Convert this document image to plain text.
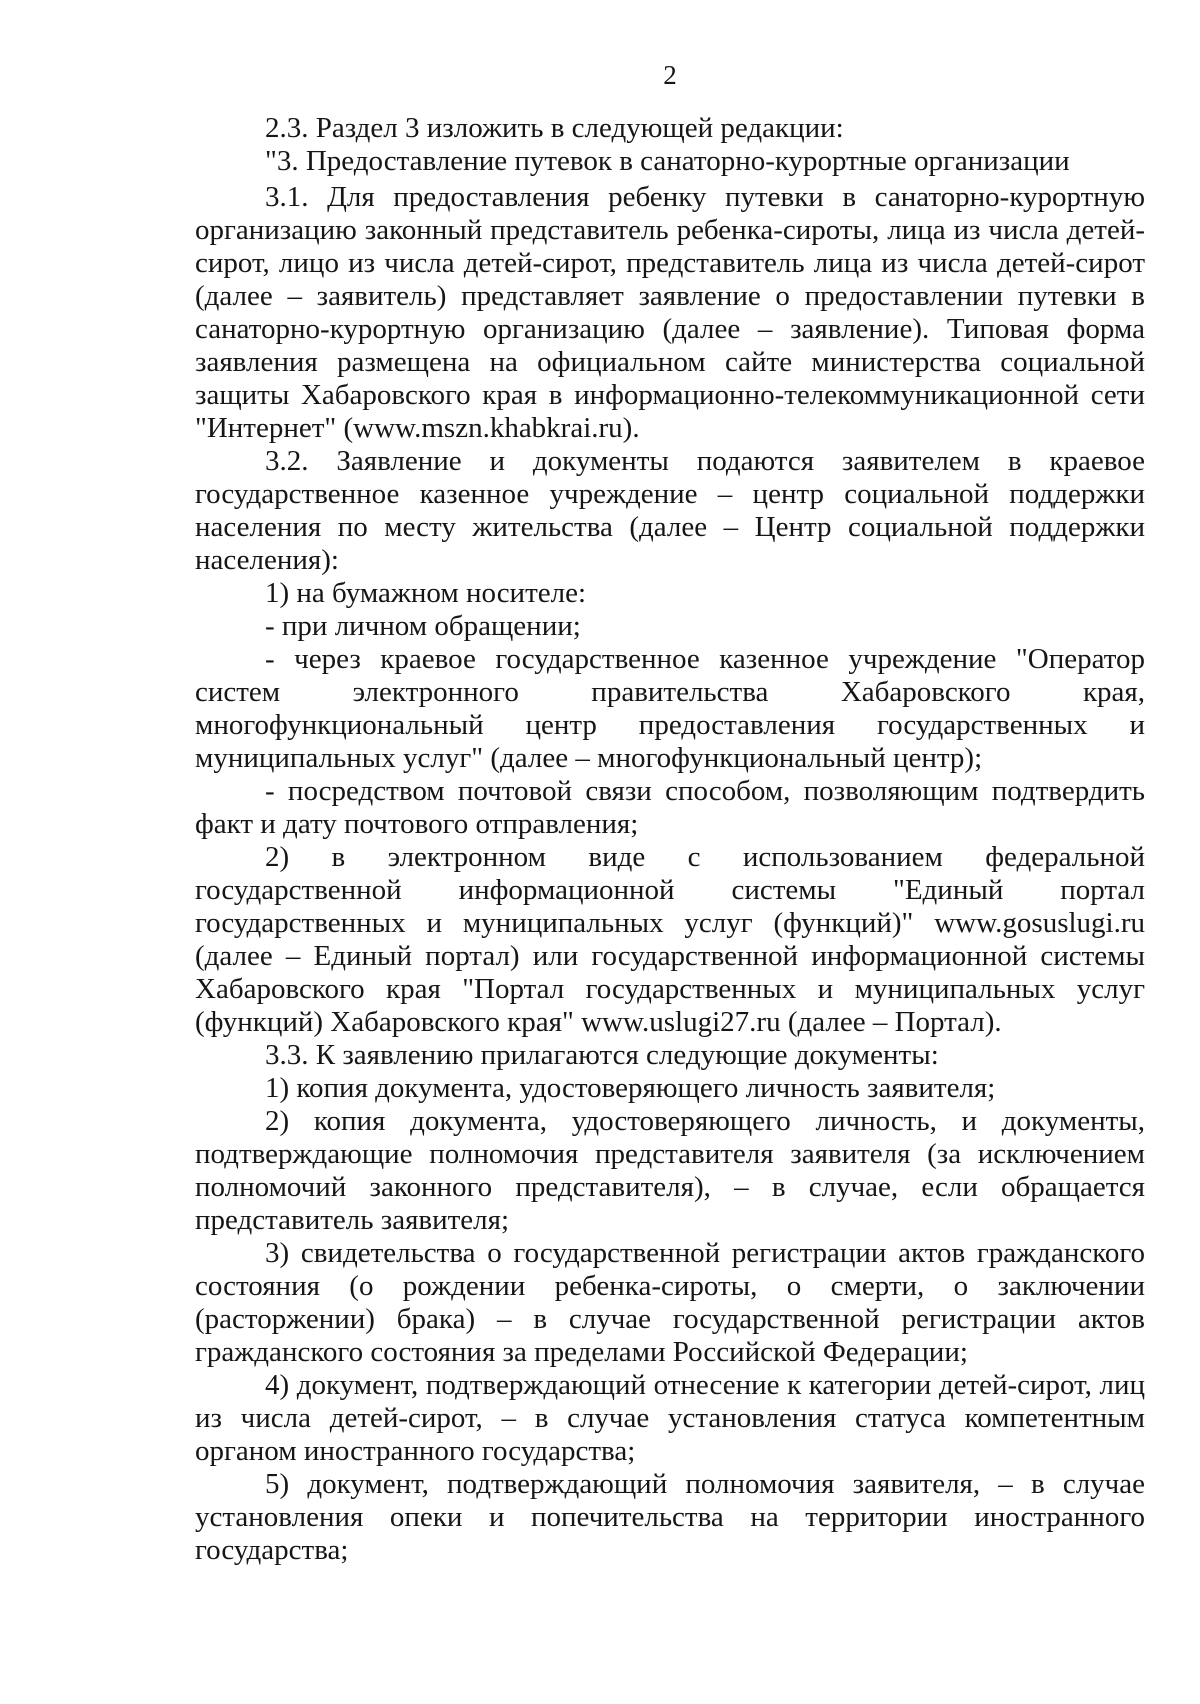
2

2.3. Раздел 3 изложить в следующей редакции:

"3. Предоставление путевок в санаторно-курортные организации

3.1. Для предоставления ребенку путевки в санаторно-курортную организацию законный представитель ребенка-сироты, лица из числа детей-сирот, лицо из числа детей-сирот, представитель лица из числа детей-сирот (далее – заявитель) представляет заявление о предоставлении путевки в санаторно-курортную организацию (далее – заявление). Типовая форма заявления размещена на официальном сайте министерства социальной защиты Хабаровского края в информационно-телекоммуникационной сети "Интернет" (www.mszn.khabkrai.ru).

3.2. Заявление и документы подаются заявителем в краевое государственное казенное учреждение – центр социальной поддержки населения по месту жительства (далее – Центр социальной поддержки населения):

1) на бумажном носителе:

- при личном обращении;

- через краевое государственное казенное учреждение "Оператор систем электронного правительства Хабаровского края, многофункциональный центр предоставления государственных и муниципальных услуг" (далее – многофункциональный центр);

- посредством почтовой связи способом, позволяющим подтвердить факт и дату почтового отправления;

2) в электронном виде с использованием федеральной государственной информационной системы "Единый портал государственных и муниципальных услуг (функций)" www.gosuslugi.ru (далее – Единый портал) или государственной информационной системы Хабаровского края "Портал государственных и муниципальных услуг (функций) Хабаровского края" www.uslugi27.ru (далее – Портал).

3.3. К заявлению прилагаются следующие документы:

1) копия документа, удостоверяющего личность заявителя;

2) копия документа, удостоверяющего личность, и документы, подтверждающие полномочия представителя заявителя (за исключением полномочий законного представителя), – в случае, если обращается представитель заявителя;

3) свидетельства о государственной регистрации актов гражданского состояния (о рождении ребенка-сироты, о смерти, о заключении (расторжении) брака) – в случае государственной регистрации актов гражданского состояния за пределами Российской Федерации;

4) документ, подтверждающий отнесение к категории детей-сирот, лиц из числа детей-сирот, – в случае установления статуса компетентным органом иностранного государства;

5) документ, подтверждающий полномочия заявителя, – в случае установления опеки и попечительства на территории иностранного государства;
